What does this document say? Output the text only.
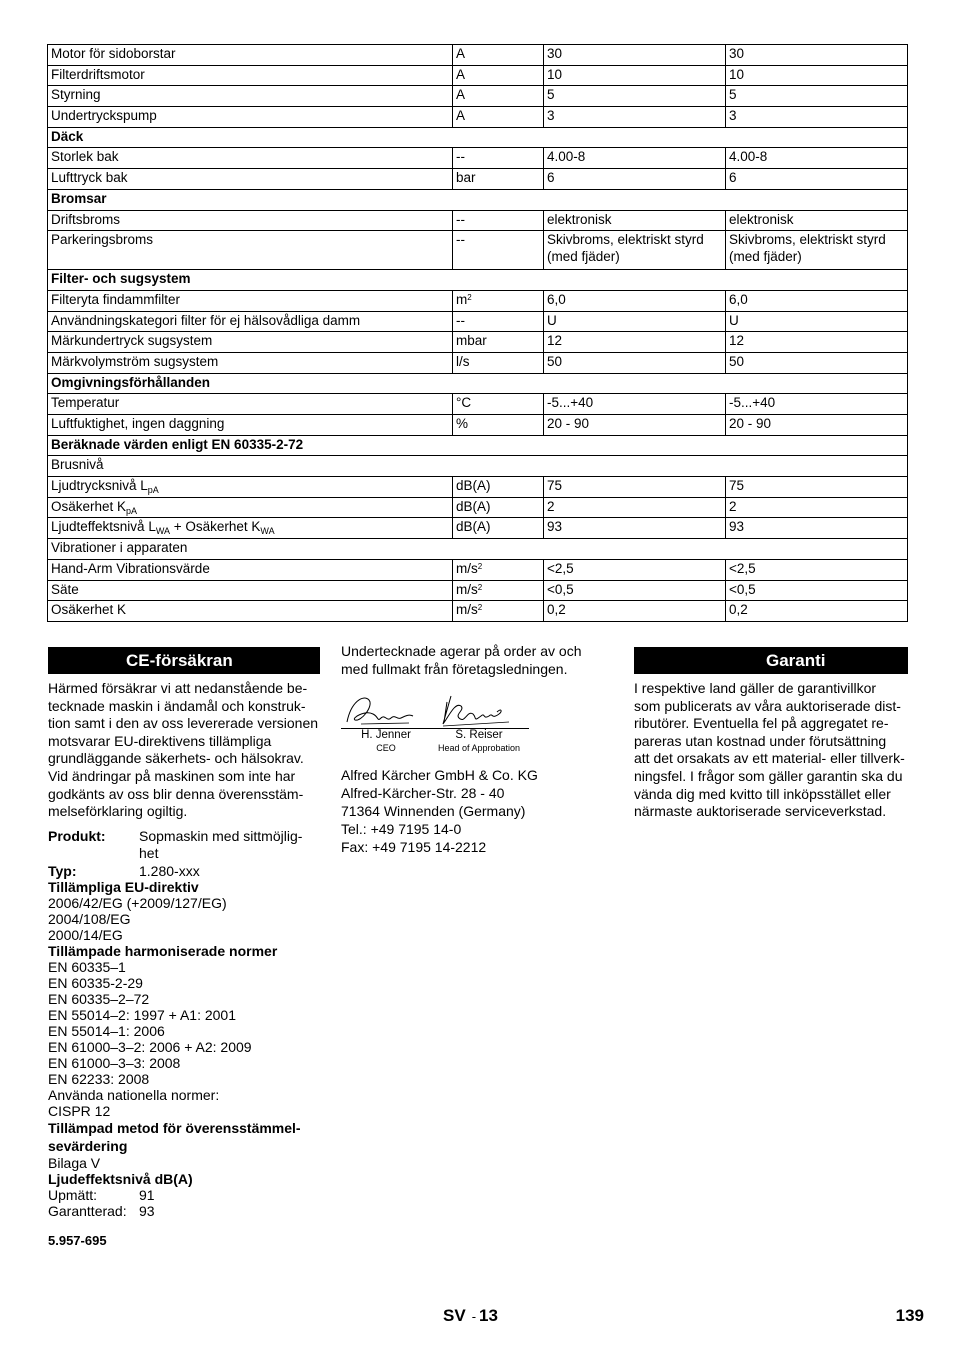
Motor för sidoborstar	A	30	30
Filterdriftsmotor	A	10	10
Styrning	A	5	5
Undertryckspump	A	3	3
Däck			
Storlek bak	--	4.00-8	4.00-8
Lufttryck bak	bar	6	6
Bromsar			
Driftsbroms	--	elektronisk	elektronisk
Parkeringsbroms	--	Skivbroms, elektriskt styrd (med fjäder)	Skivbroms, elektriskt styrd (med fjäder)
Filter- och sugsystem			
Filteryta findammfilter	$m^2$	6,0	6,0
Användningskategori filter för ej hälsovådliga damm	--	U	U
Märkundertryck sugsystem	mbar	12	12
Märkvolymström sugsystem	l/s	50	50
Omgivningsförhållanden			
Temperatur	°C	-5...+40	-5...+40
Luftfuktighet, ingen daggning	%	20 - 90	20 - 90
Beräknade värden enligt EN 60335-2-72			
Brusnivå			
Ljudtrycksnivå $L_{pA}$	dB(A)	75	75
Osäkerhet $K_{pA}$	dB(A)	2	2
Ljudteffektsnivå $L_{WA}$ + Osäkerhet $K_{WA}$	dB(A)	93	93
Vibrationer i apparaten			
Hand-Arm Vibrationsvärde	$m/s^2$	<2,5	<2,5
Säte	$m/s^2$	<0,5	<0,5
Osäkerhet K	$m/s^2$	0,2	0,2
CE-försäkran
Härmed försäkrar vi att nedanstående be-
tecknade maskin i ändamål och konstruk-
tion samt i den av oss levererade versionen
motsvarar EU-direktivens tillämpliga
grundläggande säkerhets- och hälsokrav.
Vid ändringar på maskinen som inte har
godkänts av oss blir denna överensstäm-
melseförklaring ogiltig.
Produkt:	Sopmaskin med sittmöjlig-het
Typ:	1.280-xxx
Tillämpliga EU-direktiv
2006/42/EG (+2009/127/EG)
2004/108/EG
2000/14/EG
Tillämpade harmoniserade normer
EN 60335–1
EN 60335-2-29
EN 60335–2–72
EN 55014–2: 1997 + A1: 2001
EN 55014–1: 2006
EN 61000–3–2: 2006 + A2: 2009
EN 61000–3–3: 2008
EN 62233: 2008
Använda nationella normer:
CISPR 12
Tillämpad metod för överensstämmel-
sevärdering
Bilaga V
Ljudeffektsnivå dB(A)
Upmätt:	91
Garantterad: 93
Undertecknade agerar på order av och
med fullmakt från företagsledningen.
H. Jenner
CEO
S. Reiser
Head of Approbation
Alfred Kärcher GmbH & Co. KG
Alfred-Kärcher-Str. 28 - 40
71364 Winnenden (Germany)
Tel.: +49 7195 14-0
Fax: +49 7195 14-2212
Garanti
I respektive land gäller de garantivillkor
som publicerats av våra auktoriserade dist-
ributörer. Eventuella fel på aggregatet re-
pareras utan kostnad under förutsättning
att det orsakats av ett material- eller tillverk-
ningsfel. I frågor som gäller garantin ska du
vända dig med kvitto till inköpsstället eller
närmaste auktoriserade serviceverkstad.
5.957-695
SV - 13	139
